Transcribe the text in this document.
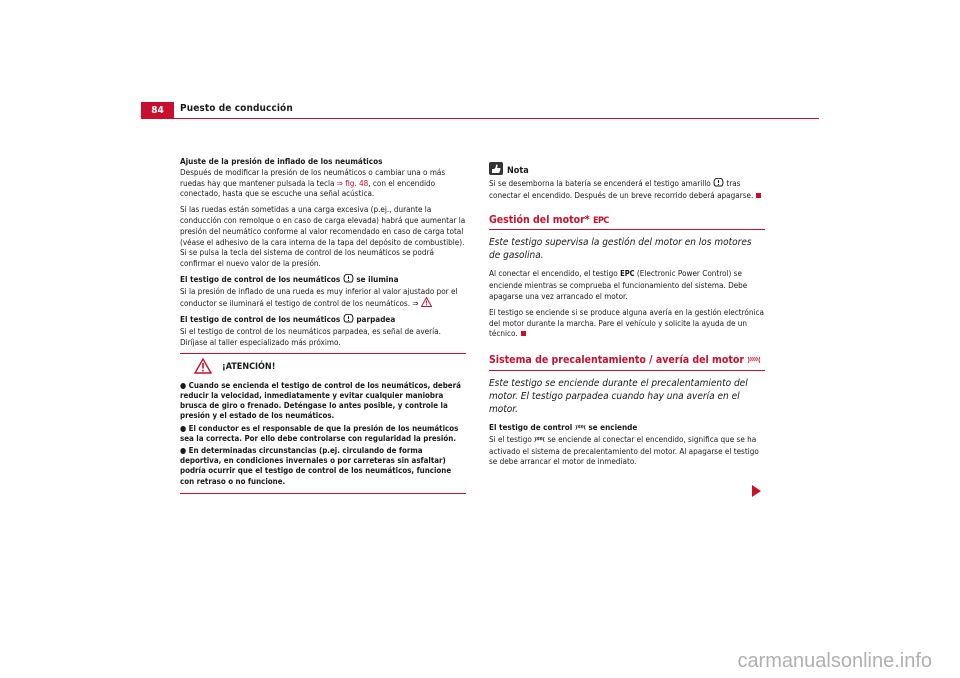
84	Puesto de conducción
Ajuste de la presión de inflado de los neumáticos

Después de modificar la presión de los neumáticos o cambiar una o más ruedas hay que mantener pulsada la tecla ⇒ fig. 48, con el encendido conectado, hasta que se escuche una señal acústica.

Si las ruedas están sometidas a una carga excesiva (p.ej., durante la conducción con remolque o en caso de carga elevada) habrá que aumentar la presión del neumático conforme al valor recomendado en caso de carga total (véase el adhesivo de la cara interna de la tapa del depósito de combustible). Si se pulsa la tecla del sistema de control de los neumáticos se podrá confirmar el nuevo valor de la presión.

El testigo de control de los neumáticos  se ilumina

Si la presión de inflado de una rueda es muy inferior al valor ajustado por el conductor se iluminará el testigo de control de los neumáticos. ⇒

El testigo de control de los neumáticos  parpadea

Si el testigo de control de los neumáticos parpadea, es señal de avería. Diríjase al taller especializado más próximo.

¡ATENCIÓN!

● Cuando se encienda el testigo de control de los neumáticos, deberá reducir la velocidad, inmediatamente y evitar cualquier maniobra brusca de giro o frenado. Deténgase lo antes posible, y controle la presión y el estado de los neumáticos.

● El conductor es el responsable de que la presión de los neumáticos sea la correcta. Por ello debe controlarse con regularidad la presión.

● En determinadas circunstancias (p.ej. circulando de forma deportiva, en condiciones invernales o por carreteras sin asfaltar) podría ocurrir que el testigo de control de los neumáticos, funcione con retraso o no funcione.

Nota

Si se desemborna la batería se encenderá el testigo amarillo  tras conectar el encendido. Después de un breve recorrido deberá apagarse.

Gestión del motor* EPC

Este testigo supervisa la gestión del motor en los motores de gasolina.

Al conectar el encendido, el testigo EPC (Electronic Power Control) se enciende mientras se comprueba el funcionamiento del sistema. Debe apagarse una vez arrancado el motor.

El testigo se enciende si se produce alguna avería en la gestión electrónica del motor durante la marcha. Pare el vehículo y solicite la ayuda de un técnico.

Sistema de precalentamiento / avería del motor

Este testigo se enciende durante el precalentamiento del motor. El testigo parpadea cuando hay una avería en el motor.

El testigo de control  se enciende

Si el testigo  se enciende al conectar el encendido, significa que se ha activado el sistema de precalentamiento del motor. Al apagarse el testigo se debe arrancar el motor de inmediato.

carmanualsonline.info
